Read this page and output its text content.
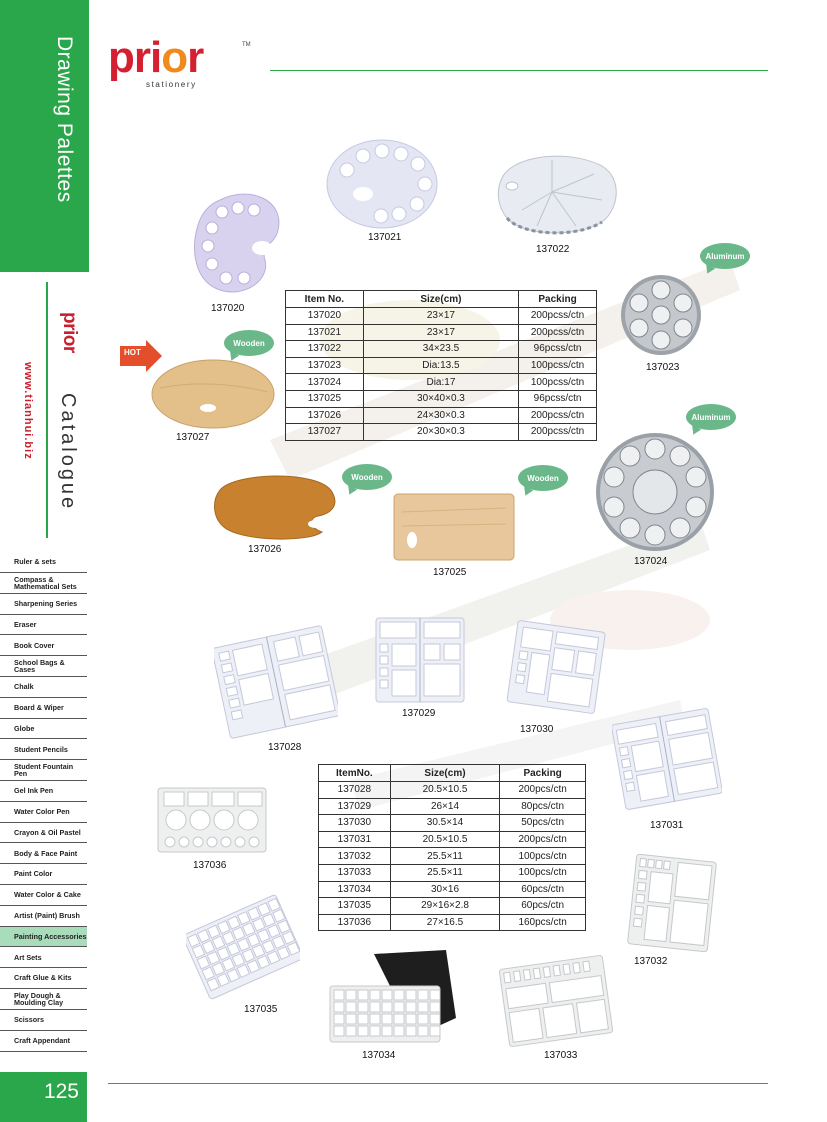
Drawing Palettes
prior
www.tianhui.biz Catalogue
Ruler & sets
Compass & Mathematical Sets
Sharpening Series
Eraser
Book Cover
School Bags & Cases
Chalk
Board & Wiper
Globe
Student Pencils
Student Fountain Pen
Gel Ink Pen
Water Color Pen
Crayon & Oil Pastel
Body & Face Paint
Paint Color
Water Color & Cake
Artist (Paint) Brush
Painting Accessories
Art Sets
Craft Glue & Kits
Play Dough & Moulding Clay
Scissors
Craft Appendant
125
prior	TM
stationery
137020
137021
137022
Aluminum
137023
HOT
Wooden
137027
Item No.	Size(cm)	Packing
137020	23×17	200pcss/ctn
137021	23×17	200pcss/ctn
137022	34×23.5	96pcss/ctn
137023	Dia:13.5	100pcss/ctn
137024	Dia:17	100pcss/ctn
137025	30×40×0.3	96pcss/ctn
137026	24×30×0.3	200pcss/ctn
137027	20×30×0.3	200pcss/ctn
Aluminum
137024
Wooden
137026
Wooden
137025
137028
137029
137030
137031
ItemNo.	Size(cm)	Packing
137028	20.5×10.5	200pcs/ctn
137029	26×14	80pcs/ctn
137030	30.5×14	50pcs/ctn
137031	20.5×10.5	200pcs/ctn
137032	25.5×11	100pcs/ctn
137033	25.5×11	100pcs/ctn
137034	30×16	60pcs/ctn
137035	29×16×2.8	60pcs/ctn
137036	27×16.5	160pcs/ctn
137036
137032
137035
137034	137033
